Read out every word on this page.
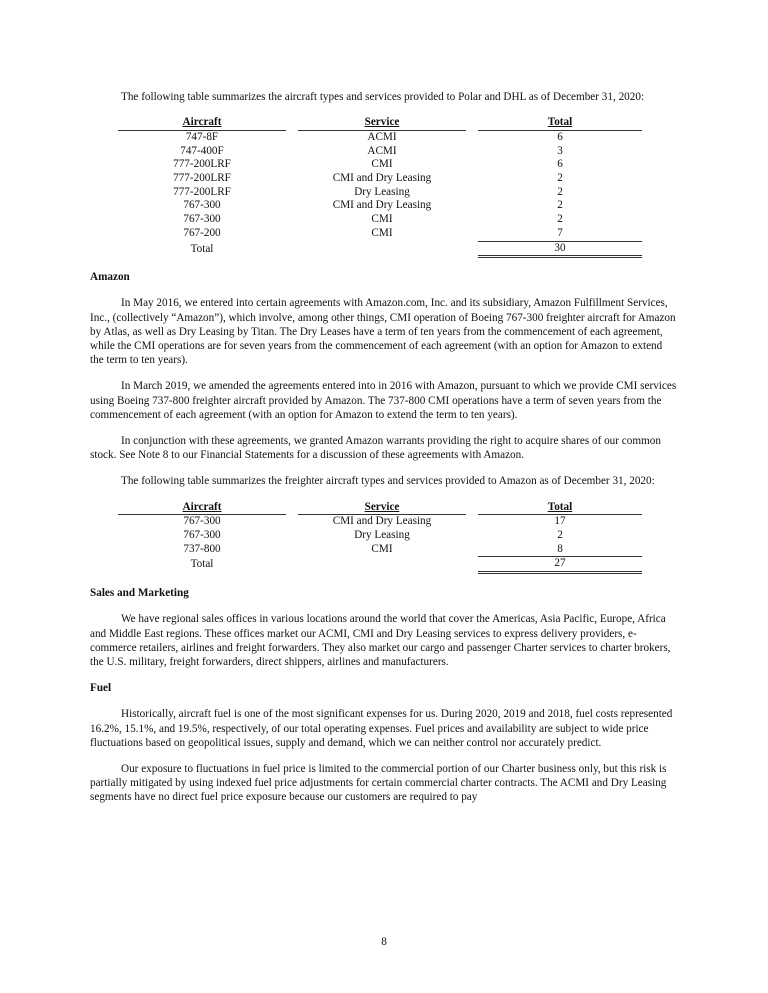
The following table summarizes the aircraft types and services provided to Polar and DHL as of December 31, 2020:

Aircraft		Service		Total
747-8F		ACMI		6
747-400F		ACMI		3
777-200LRF		CMI		6
777-200LRF		CMI and Dry Leasing		2
777-200LRF		Dry Leasing		2
767-300		CMI and Dry Leasing		2
767-300		CMI		2
767-200		CMI		7
Total				30
Amazon

In May 2016, we entered into certain agreements with Amazon.com, Inc. and its subsidiary, Amazon Fulfillment Services, Inc., (collectively “Amazon”), which involve, among other things, CMI operation of Boeing 767-300 freighter aircraft for Amazon by Atlas, as well as Dry Leasing by Titan. The Dry Leases have a term of ten years from the commencement of each agreement, while the CMI operations are for seven years from the commencement of each agreement (with an option for Amazon to extend the term to ten years).

In March 2019, we amended the agreements entered into in 2016 with Amazon, pursuant to which we provide CMI services using Boeing 737-800 freighter aircraft provided by Amazon. The 737-800 CMI operations have a term of seven years from the commencement of each agreement (with an option for Amazon to extend the term to ten years).

In conjunction with these agreements, we granted Amazon warrants providing the right to acquire shares of our common stock. See Note 8 to our Financial Statements for a discussion of these agreements with Amazon.

The following table summarizes the freighter aircraft types and services provided to Amazon as of December 31, 2020:

Aircraft		Service		Total
767-300		CMI and Dry Leasing		17
767-300		Dry Leasing		2
737-800		CMI		8
Total				27
Sales and Marketing

We have regional sales offices in various locations around the world that cover the Americas, Asia Pacific, Europe, Africa and Middle East regions. These offices market our ACMI, CMI and Dry Leasing services to express delivery providers, e-commerce retailers, airlines and freight forwarders. They also market our cargo and passenger Charter services to charter brokers, the U.S. military, freight forwarders, direct shippers, airlines and manufacturers.

Fuel

Historically, aircraft fuel is one of the most significant expenses for us. During 2020, 2019 and 2018, fuel costs represented 16.2%, 15.1%, and 19.5%, respectively, of our total operating expenses. Fuel prices and availability are subject to wide price fluctuations based on geopolitical issues, supply and demand, which we can neither control nor accurately predict.

Our exposure to fluctuations in fuel price is limited to the commercial portion of our Charter business only, but this risk is partially mitigated by using indexed fuel price adjustments for certain commercial charter contracts. The ACMI and Dry Leasing segments have no direct fuel price exposure because our customers are required to pay

8
